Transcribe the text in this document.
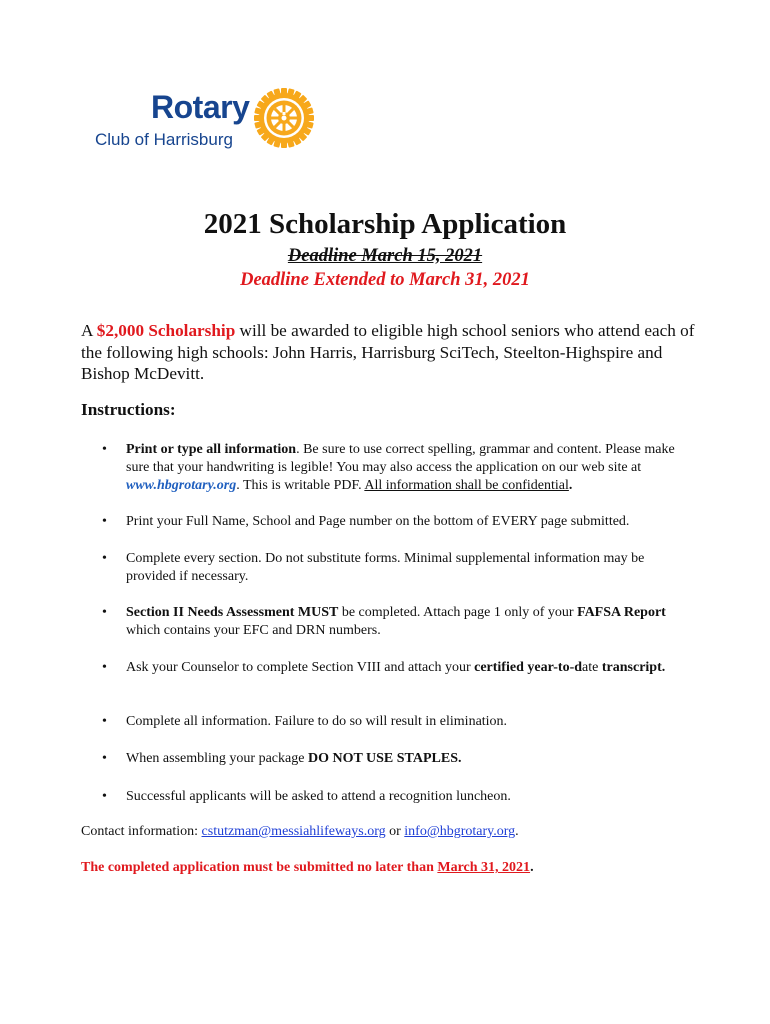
Rotary
Club of Harrisburg
2021 Scholarship Application
Deadline March 15, 2021
Deadline Extended to March 31, 2021
A $2,000 Scholarship will be awarded to eligible high school seniors who attend each of the following high schools: John Harris, Harrisburg SciTech, Steelton-Highspire and Bishop McDevitt.
Instructions:
• Print or type all information. Be sure to use correct spelling, grammar and content. Please make sure that your handwriting is legible! You may also access the application on our web site at www.hbgrotary.org. This is writable PDF. All information shall be confidential.
• Print your Full Name, School and Page number on the bottom of EVERY page submitted.
• Complete every section. Do not substitute forms. Minimal supplemental information may be provided if necessary.
• Section II Needs Assessment MUST be completed. Attach page 1 only of your FAFSA Report which contains your EFC and DRN numbers.
• Ask your Counselor to complete Section VIII and attach your certified year-to-date transcript.
• Complete all information. Failure to do so will result in elimination.
• When assembling your package DO NOT USE STAPLES.
• Successful applicants will be asked to attend a recognition luncheon.
Contact information: cstutzman@messiahlifeways.org or info@hbgrotary.org.
The completed application must be submitted no later than March 31, 2021.
